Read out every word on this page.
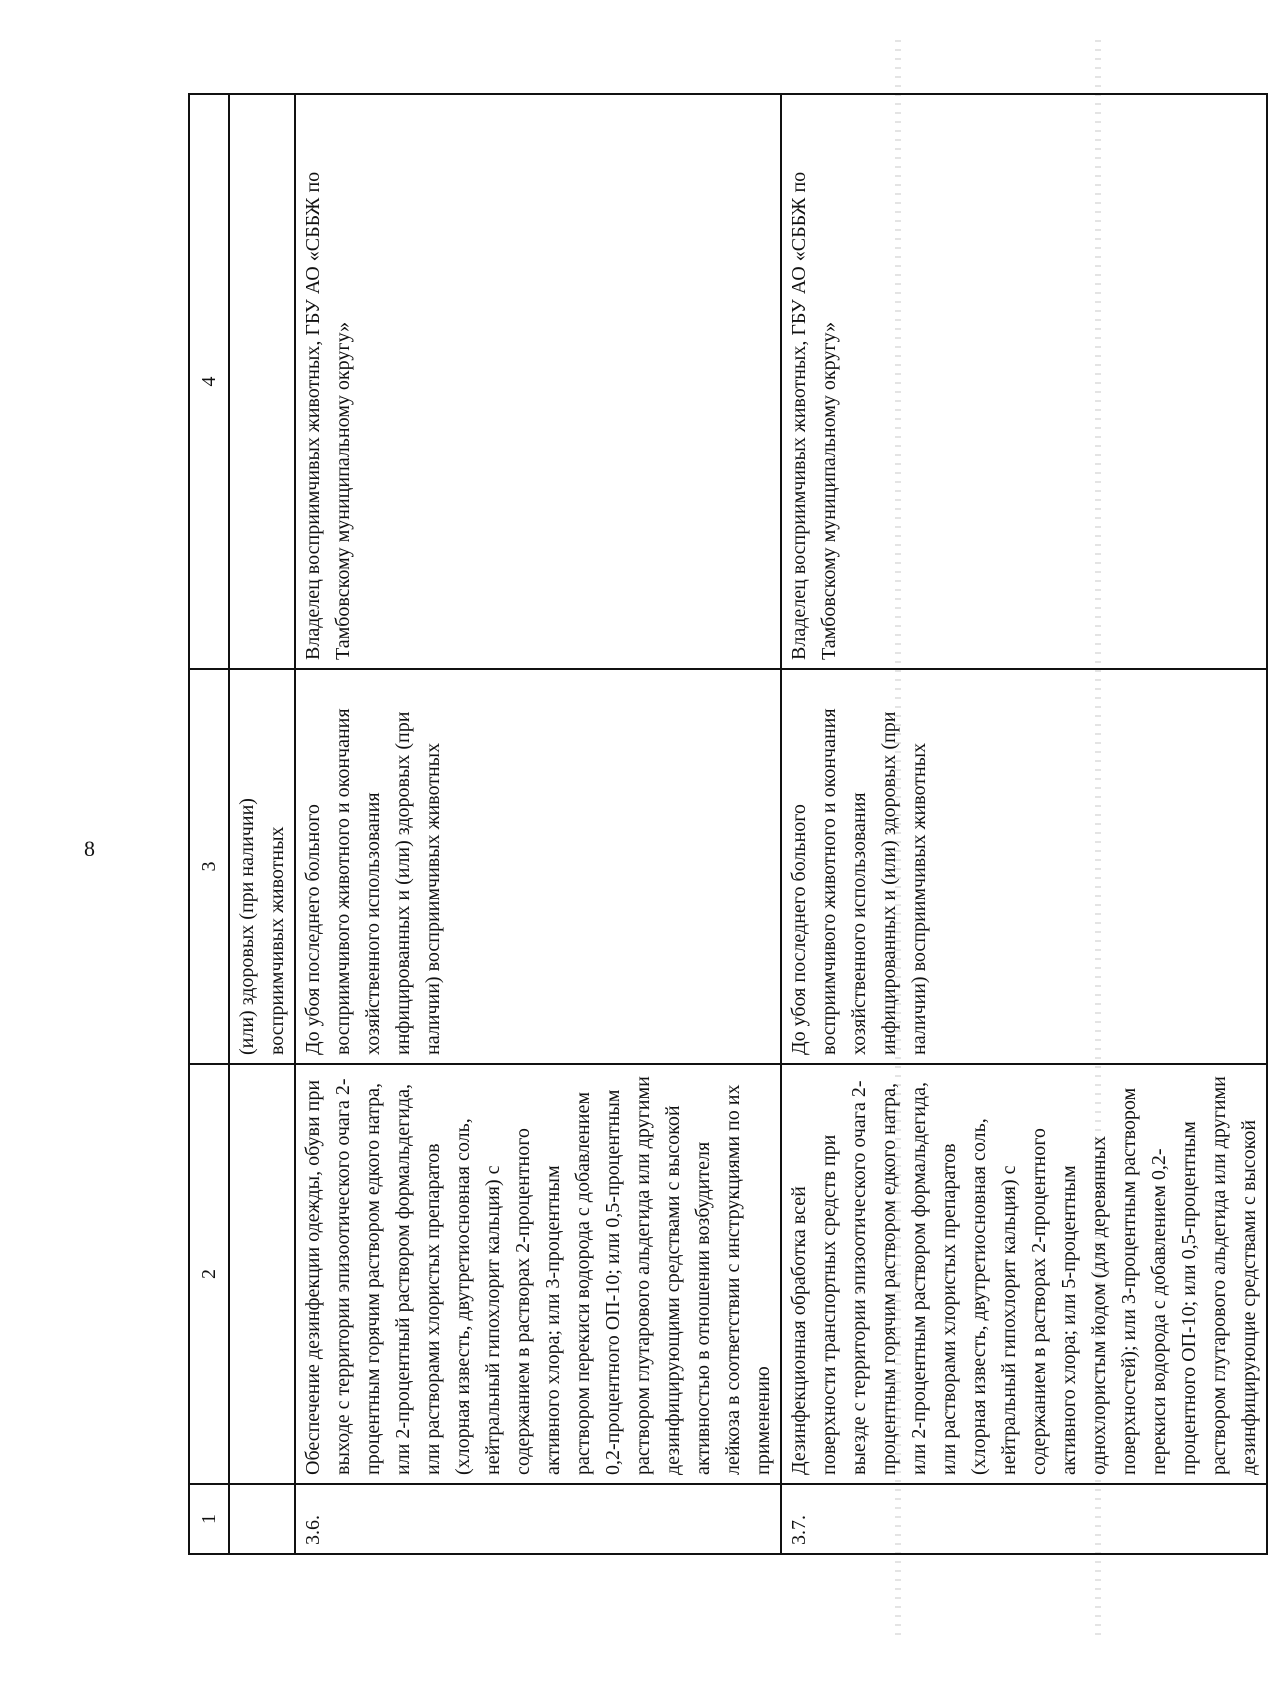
8
1	2	3	4
		(или) здоровых (при наличии) восприимчивых животных	
3.6.	Обеспечение дезинфекции одежды, обуви при выходе с территории эпизоотического очага 2-процентным горячим раствором едкого натра, или 2-процентный раствором формальдегида, или растворами хлористых препаратов (хлорная известь, двутретиосновная соль, нейтральный гипохлорит кальция) с содержанием в растворах 2-процентного активного хлора; или 3-процентным раствором перекиси водорода с добавлением 0,2-процентного ОП-10; или 0,5-процентным раствором глутарового альдегида или другими дезинфицирующими средствами с высокой активностью в отношении возбудителя лейкоза в соответствии с инструкциями по их применению	До убоя последнего больного восприимчивого животного и окончания хозяйственного использования инфицированных и (или) здоровых (при наличии) восприимчивых животных	Владелец восприимчивых животных, ГБУ АО «СББЖ по Тамбовскому муниципальному округу»
3.7.	Дезинфекционная обработка всей поверхности транспортных средств при выезде с территории эпизоотического очага 2-процентным горячим раствором едкого натра, или 2-процентным раствором формальдегида, или растворами хлористых препаратов (хлорная известь, двутретиосновная соль, нейтральный гипохлорит кальция) с содержанием в растворах 2-процентного активного хлора; или 5-процентным однохлористым йодом (для деревянных поверхностей); или 3-процентным раствором перекиси водорода с добавлением 0,2-процентного ОП-10; или 0,5-процентным раствором глутарового альдегида или другими дезинфицирующие средствами с высокой	До убоя последнего больного восприимчивого животного и окончания хозяйственного использования инфицированных и (или) здоровых (при наличии) восприимчивых животных	Владелец восприимчивых животных, ГБУ АО «СББЖ по Тамбовскому муниципальному округу»
